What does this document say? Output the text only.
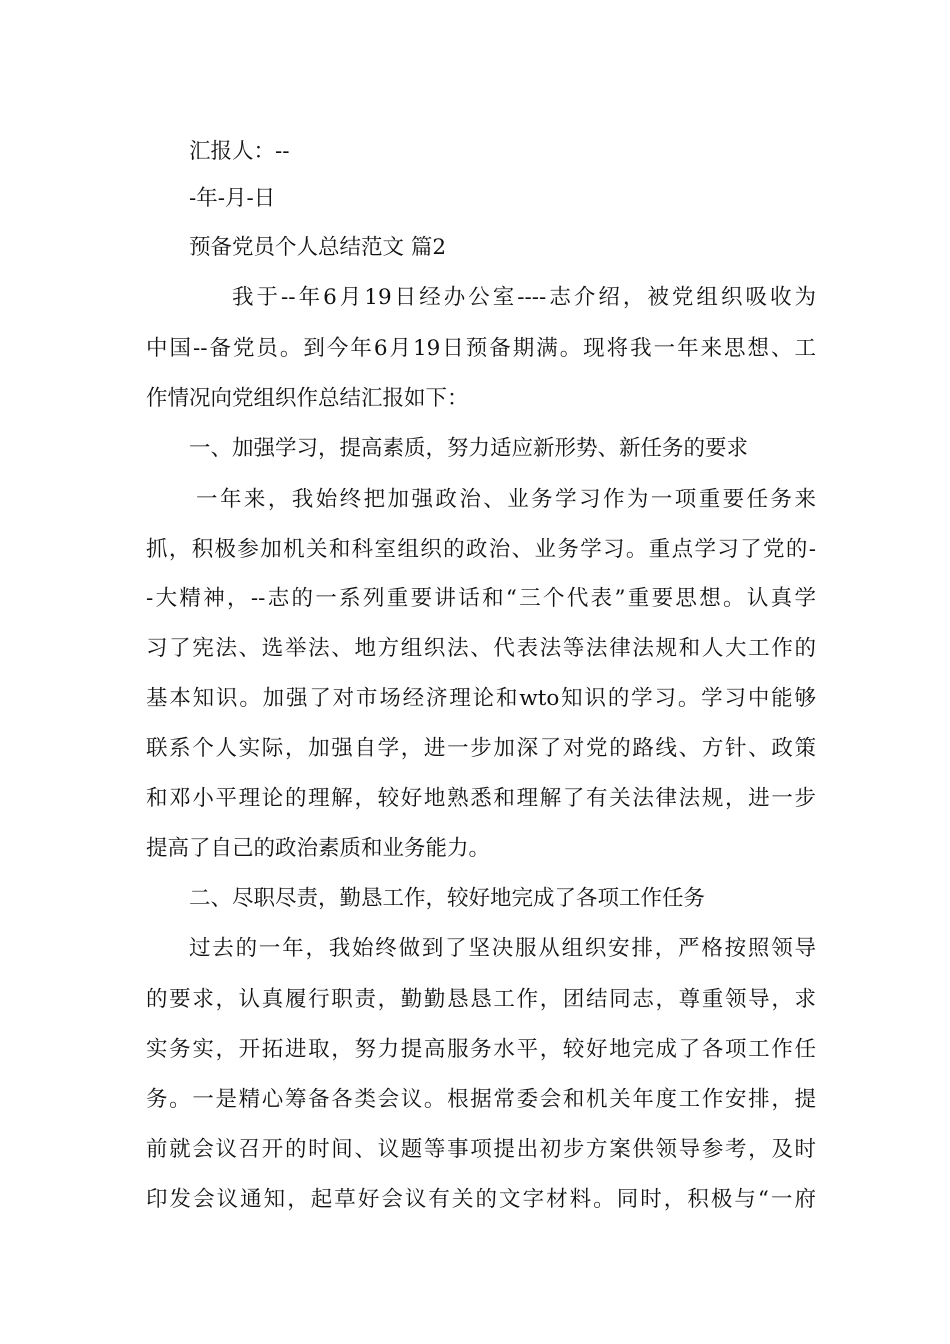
汇报人：--
-年-月-日
预备党员个人总结范文 篇2
我于--年6月19日经办公室----志介绍，被党组织吸收为
中国--备党员。到今年6月19日预备期满。现将我一年来思想、工
作情况向党组织作总结汇报如下：
一、加强学习，提高素质，努力适应新形势、新任务的要求
一年来，我始终把加强政治、业务学习作为一项重要任务来
抓，积极参加机关和科室组织的政治、业务学习。重点学习了党的-
-大精神，--志的一系列重要讲话和“三个代表”重要思想。认真学
习了宪法、选举法、地方组织法、代表法等法律法规和人大工作的
基本知识。加强了对市场经济理论和wto知识的学习。学习中能够
联系个人实际，加强自学，进一步加深了对党的路线、方针、政策
和邓小平理论的理解，较好地熟悉和理解了有关法律法规，进一步
提高了自己的政治素质和业务能力。
二、尽职尽责，勤恳工作，较好地完成了各项工作任务
过去的一年，我始终做到了坚决服从组织安排，严格按照领导
的要求，认真履行职责，勤勤恳恳工作，团结同志，尊重领导，求
实务实，开拓进取，努力提高服务水平，较好地完成了各项工作任
务。一是精心筹备各类会议。根据常委会和机关年度工作安排，提
前就会议召开的时间、议题等事项提出初步方案供领导参考，及时
印发会议通知，起草好会议有关的文字材料。同时，积极与“一府
